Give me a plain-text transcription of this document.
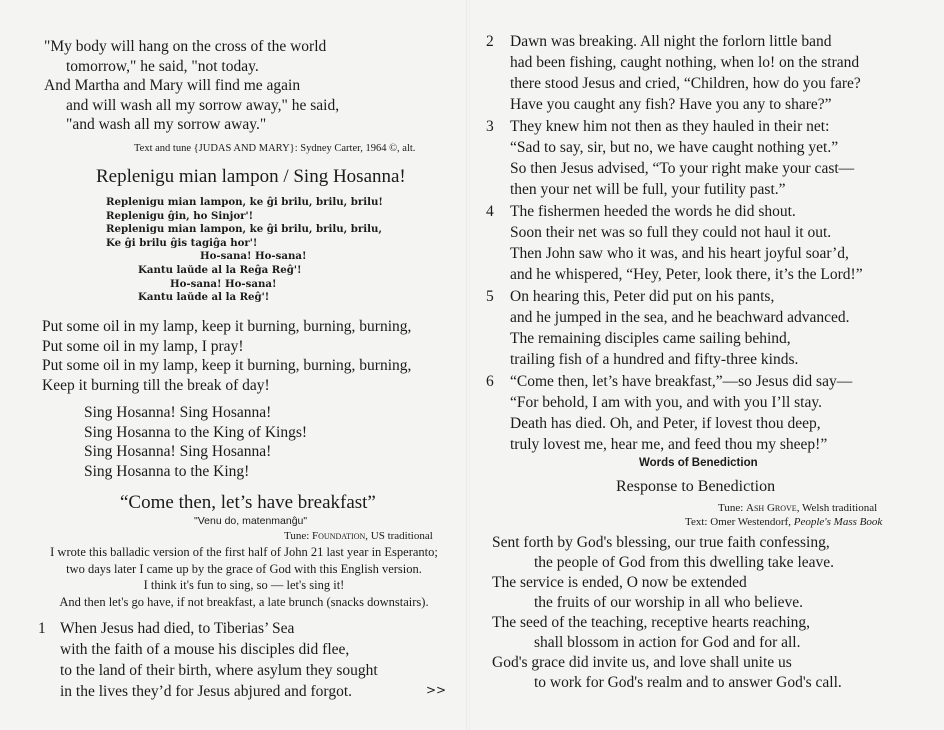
"My body will hang on the cross of the world
tomorrow," he said, "not today.
And Martha and Mary will find me again
and will wash all my sorrow away," he said,
"and wash all my sorrow away."
Text and tune {JUDAS AND MARY}: Sydney Carter, 1964 ©, alt.
Replenigu mian lampon / Sing Hosanna!
Replenigu mian lampon, ke ĝi brilu, brilu, brilu!
Replenigu ĝin, ho Sinjor'!
Replenigu mian lampon, ke ĝi brilu, brilu, brilu,
Ke ĝi brilu ĝis tagiĝa hor'!
Ho-sana! Ho-sana!
Kantu laŭde al la Reĝa Reĝ'!
Ho-sana! Ho-sana!
Kantu laŭde al la Reĝ'!
Put some oil in my lamp, keep it burning, burning, burning,
Put some oil in my lamp, I pray!
Put some oil in my lamp, keep it burning, burning, burning,
Keep it burning till the break of day!
Sing Hosanna! Sing Hosanna!
Sing Hosanna to the King of Kings!
Sing Hosanna! Sing Hosanna!
Sing Hosanna to the King!
“Come then, let’s have breakfast”
"Venu do, matenmanĝu"
Tune: Foundation, US traditional
I wrote this balladic version of the first half of John 21 last year in Esperanto;
two days later I came up by the grace of God with this English version.
I think it's fun to sing, so — let's sing it!
And then let's go have, if not breakfast, a late brunch (snacks downstairs).
1 When Jesus had died, to Tiberias’ Sea
with the faith of a mouse his disciples did flee,
to the land of their birth, where asylum they sought
in the lives they’d for Jesus abjured and forgot.	>>
2 Dawn was breaking. All night the forlorn little band
had been fishing, caught nothing, when lo! on the strand
there stood Jesus and cried, “Children, how do you fare?
Have you caught any fish? Have you any to share?”
3 They knew him not then as they hauled in their net:
“Sad to say, sir, but no, we have caught nothing yet.”
So then Jesus advised, “To your right make your cast—
then your net will be full, your futility past.”
4 The fishermen heeded the words he did shout.
Soon their net was so full they could not haul it out.
Then John saw who it was, and his heart joyful soar’d,
and he whispered, “Hey, Peter, look there, it’s the Lord!”
5 On hearing this, Peter did put on his pants,
and he jumped in the sea, and he beachward advanced.
The remaining disciples came sailing behind,
trailing fish of a hundred and fifty-three kinds.
6 “Come then, let’s have breakfast,”—so Jesus did say—
“For behold, I am with you, and with you I’ll stay.
Death has died. Oh, and Peter, if lovest thou deep,
truly lovest me, hear me, and feed thou my sheep!”
Words of Benediction
Response to Benediction
Tune: Ash Grove, Welsh traditional
Text: Omer Westendorf, People's Mass Book
Sent forth by God's blessing, our true faith confessing,
the people of God from this dwelling take leave.
The service is ended, O now be extended
the fruits of our worship in all who believe.
The seed of the teaching, receptive hearts reaching,
shall blossom in action for God and for all.
God's grace did invite us, and love shall unite us
to work for God's realm and to answer God's call.
